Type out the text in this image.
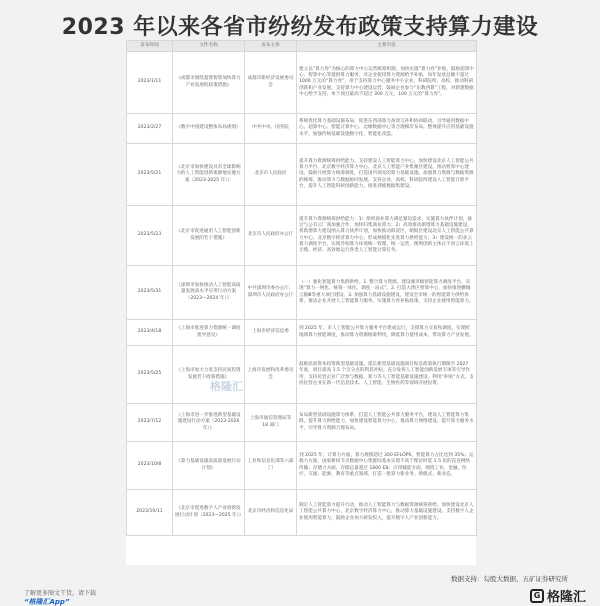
2023 年以来各省市纷纷发布政策支持算力建设
发布时间	文件名称	发布主体	主要内容
2023/1/11	《成都市围绕超算智算加快算力产业发展的政策措施》	成都市新经济发展委员会	建立以“算力券”为核心的算力中心运营统筹机制，加快实施“算力券”补贴，鼓励超算中心、智算中心等提供算力服务。对企业使用算力资源给予补贴，每年发放总额不超过 1000 万元的“算力券”，用于支持算力中心服务中小企业、科研院所、高校，推动科研创新和产业发展。支持算力中心建设运营，鼓励企业参与“东数西算”工程，对新建数据中心给予支持，单个项目最高不超过 300 万元、100 万元的“算力券”。
2023/2/27	《数字中国建设整体布局规划》	中共中央、国务院	系统优化算力基础设施布局，促进东西部算力高效互补和协同联动，引导通用数据中心、超算中心、智能计算中心、边缘数据中心等合理梯次布局。整体提升应用基础设施水平，加强传统基础设施数字化、智能化改造。
2023/5/21	《北京市加快建设具有全球影响力的人工智能创新策源地实施方案（2023-2025 年）》	北京市人民政府	提升算力资源统筹供给能力。支持建设人工智能算力中心，加快建设北京人工智能公共算力平台、北京数字经济算力中心、北京人工智能产业集聚区建设。推动智算中心建设，鼓励开展算力统筹调度，打造国内领先的算力基础设施。加强算力资源与数据资源的统筹，推动算力与数据协同发展。支持企业、高校、科研院所建设人工智能计算平台，提升人工智能科研创新能力。推进训练数据集建设。
2023/5/23	《北京市促进通用人工智能创新发展的若干措施》	北京市人民政府办公厅	提升算力资源统筹供给能力：1）组织商业算力满足紧迫需求，实施算力伙伴计划，通过与公有云厂商加强合作，加快归集商业算力；2）高效推动新增算力基础设施建设，将新增算力建设纳入算力伙伴计划，加快推动海淀区、朝阳区建设北京人工智能公共算力中心、北京数字经济算力中心，形成规模化先进算力供给能力；3）建设统一的多云算力调度平台，实现异构算力环境统一管理、统一运营，便利创新主体在不同云环境上无缝、经济、高效地运行各类人工智能计算任务。
2023/5/31	《深圳市加快推动人工智能高质量发展高水平应用行动方案（2023—2024 年）》	中共深圳市委办公厅、深圳市人民政府办公厅	（一）强化智能算力集群供给。1. 整合算力资源，建设城市级智能算力调度平台，实现“算力一网化、统筹一体化、调度一站式”。2. 打造大湾区智算中心，加快推进鹏城云脑Ⅲ等重大项目建设。3. 加强算力基础设施建设，建设全市统一的智能算力供给体系，推动企业开展人工智能算力服务。实施算力券补贴政策，支持企业使用智能算力。
2023/4/18	《上海市推进算力资源统一调度指导意见》	上海市经济信息委	到 2025 年，市人工智能公共算力服务平台建成运行，支撑算力交易和调度，实现跨地域算力智能调度，推动算力资源统筹利用，降低算力使用成本，带动算力产业发展。
2023/5/25	《上海市加大力度支持民间投资发展若干政策措施》	上海市发展和改革委员会	鼓励民间资本投资新型基础设施。延长新型基础设施项目贴息政策执行期限至 2027 年底，项目最高 1.5 个百分点的利息补贴。充分发挥人工智能创新发展专项等引导作用，支持民营企业广泛参与数据、算力等人工智能基础设施建设，利用“补贴”方式，支持民营企业在新一代信息技术、人工智能、生物医药等领域开展投资。
2023/7/12	《上海市进一步推进新型基础设施建设行动方案（2023-2026 年）》	上海市通信管理局等 18 部门	布局新型基础设施算力体系，打造人工智能公共算力服务平台，建设人工智能算力集群，提升算力供给能力，加快建设智能算力中心，推动算力网络建设，提升算力服务水平，引导算力资源合理布局。
2023/10/8	《算力基础设施高质量发展行动计划》	工业和信息化部等六部门	到 2025 年，计算力方面，算力规模超过 300 EFLOPS，智能算力占比达到 35%；运载力方面，国家枢纽节点数据中心集群间基本实现不高于理论时延 1.5 倍的直连网络传输；存储力方面，存储总量超过 1800 EB；应用赋能方面，围绕工业、金融、医疗、交通、能源、教育等重点领域，打造一批算力新业务、新模式、新业态。
2023/10/11	《北京市促进数字人产业创新发展行动计划（2023—2025 年）》	北京市经济和信息化局	制定人工智能算力提升行动，推动人工智能算力与数据资源统筹供给。加快建设北京人工智能公共算力中心、北京数字经济算力中心，推动算力基础设施建设。支持数字人企业使用智能算力，鼓励企业加大研发投入，提升数字人产业创新能力。
格隆汇
数据支持：勾股大数据、五矿证券研究所
了解更多图文干货，请下载
“格隆汇App”
G 格隆汇
